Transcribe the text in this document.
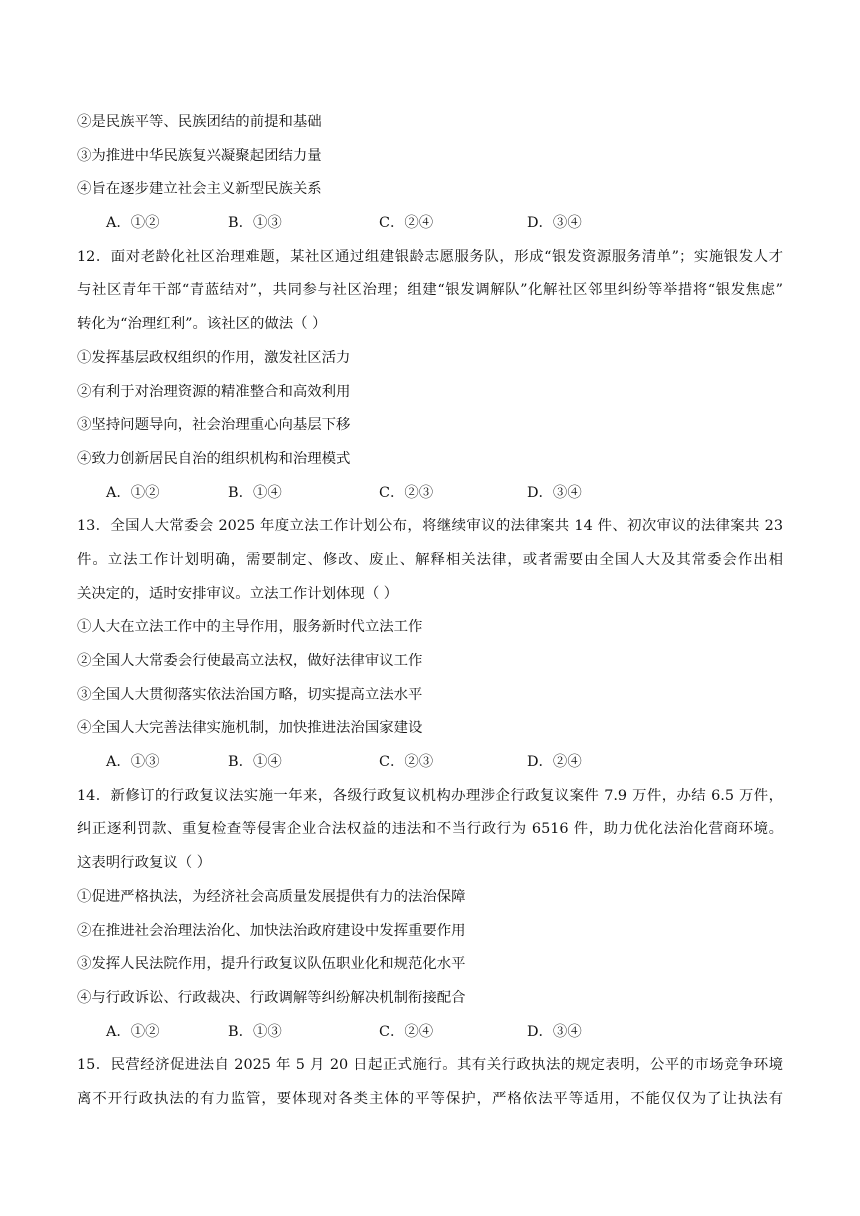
②是民族平等、民族团结的前提和基础
③为推进中华民族复兴凝聚起团结力量
④旨在逐步建立社会主义新型民族关系
A．①②	B．①③	C．②④	D．③④
12．面对老龄化社区治理难题，某社区通过组建银龄志愿服务队，形成“银发资源服务清单”；实施银发人才
与社区青年干部“青蓝结对”，共同参与社区治理；组建“银发调解队”化解社区邻里纠纷等举措将“银发焦虑”
转化为“治理红利”。该社区的做法（ ）
①发挥基层政权组织的作用，激发社区活力
②有利于对治理资源的精准整合和高效利用
③坚持问题导向，社会治理重心向基层下移
④致力创新居民自治的组织机构和治理模式
A．①②	B．①④	C．②③	D．③④
13．全国人大常委会 2025 年度立法工作计划公布，将继续审议的法律案共 14 件、初次审议的法律案共 23
件。立法工作计划明确，需要制定、修改、废止、解释相关法律，或者需要由全国人大及其常委会作出相
关决定的，适时安排审议。立法工作计划体现（ ）
①人大在立法工作中的主导作用，服务新时代立法工作
②全国人大常委会行使最高立法权，做好法律审议工作
③全国人大贯彻落实依法治国方略，切实提高立法水平
④全国人大完善法律实施机制，加快推进法治国家建设
A．①③	B．①④	C．②③	D．②④
14．新修订的行政复议法实施一年来，各级行政复议机构办理涉企行政复议案件 7.9 万件，办结 6.5 万件，
纠正逐利罚款、重复检查等侵害企业合法权益的违法和不当行政行为 6516 件，助力优化法治化营商环境。
这表明行政复议（ ）
①促进严格执法，为经济社会高质量发展提供有力的法治保障
②在推进社会治理法治化、加快法治政府建设中发挥重要作用
③发挥人民法院作用，提升行政复议队伍职业化和规范化水平
④与行政诉讼、行政裁决、行政调解等纠纷解决机制衔接配合
A．①②	B．①③	C．②④	D．③④
15．民营经济促进法自 2025 年 5 月 20 日起正式施行。其有关行政执法的规定表明，公平的市场竞争环境
离不开行政执法的有力监管，要体现对各类主体的平等保护，严格依法平等适用，不能仅仅为了让执法有
